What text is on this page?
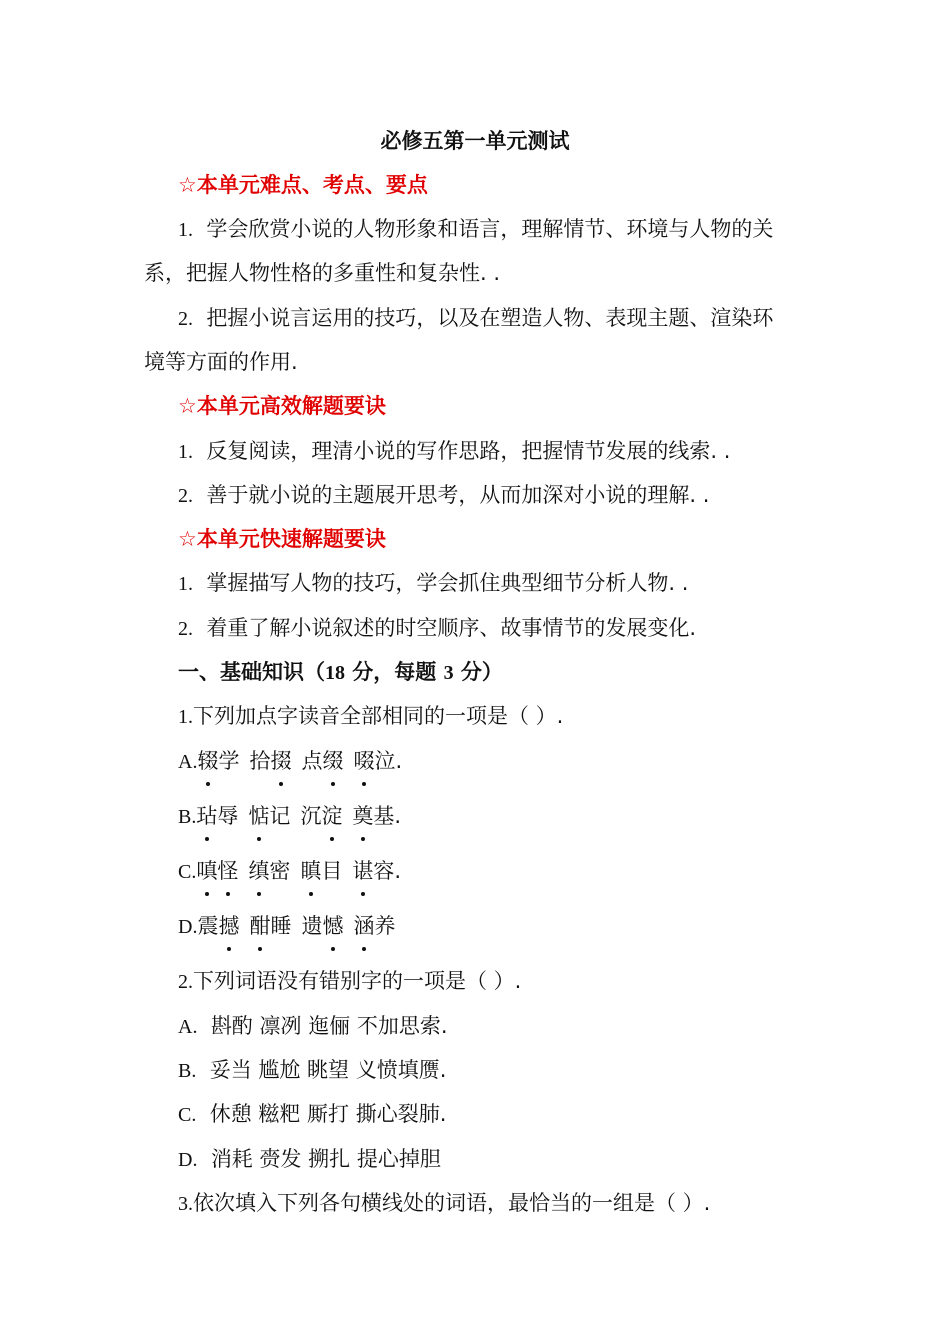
必修五第一单元测试
☆本单元难点、考点、要点
1. 学会欣赏小说的人物形象和语言，理解情节、环境与人物的关
系，把握人物性格的多重性和复杂性. .
2. 把握小说言运用的技巧，以及在塑造人物、表现主题、渲染环
境等方面的作用.
☆本单元高效解题要诀
1. 反复阅读，理清小说的写作思路，把握情节发展的线索. .
2. 善于就小说的主题展开思考，从而加深对小说的理解. .
☆本单元快速解题要诀
1. 掌握描写人物的技巧，学会抓住典型细节分析人物. .
2. 着重了解小说叙述的时空顺序、故事情节的发展变化.
一、基础知识（18 分，每题 3 分）
1.下列加点字读音全部相同的一项是（ ）.
A.辍学 拾掇 点缀 啜泣.
B.玷辱 惦记 沉淀 奠基.
C.嗔怪 缜密 瞋目 谌容.
D.震撼 酣睡 遗憾 涵养
2.下列词语没有错别字的一项是（ ）.
A. 斟酌 凛冽 迤俪 不加思索.
B. 妥当 尴尬 眺望 义愤填赝.
C. 休憩 糍粑 厮打 撕心裂肺.
D. 消耗 赍发 搠扎 提心掉胆
3.依次填入下列各句横线处的词语，最恰当的一组是（ ）.
